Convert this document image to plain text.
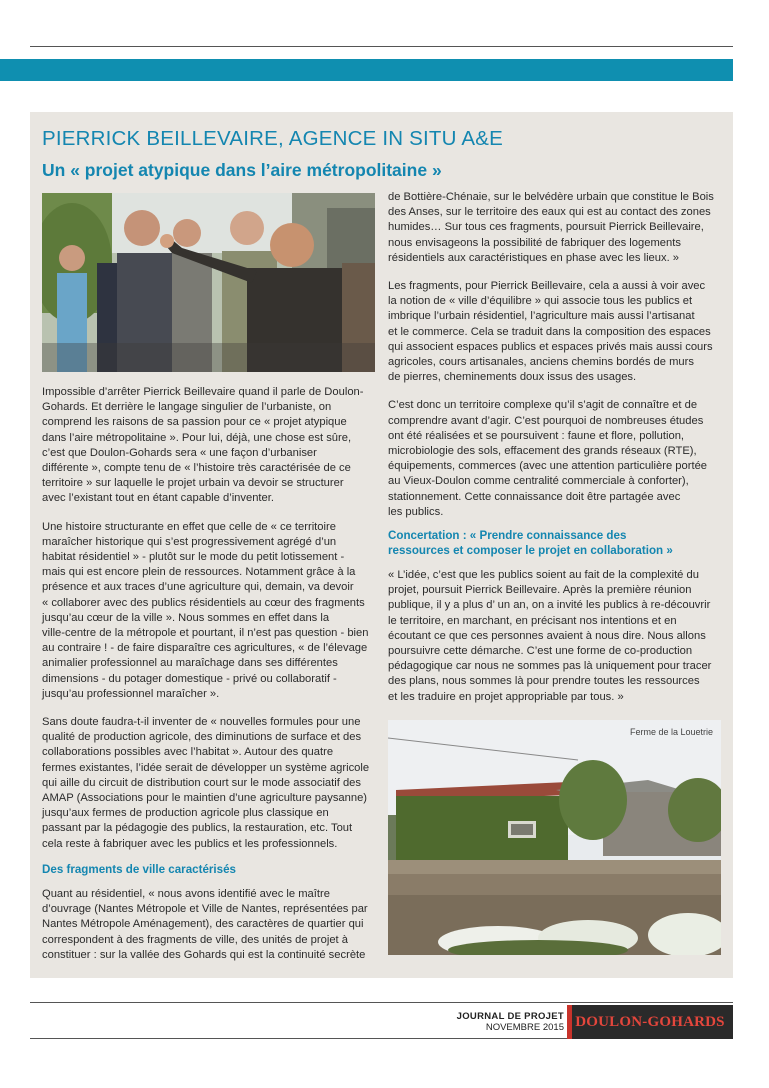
PIERRICK BEILLEVAIRE, AGENCE IN SITU A&E
Un « projet atypique dans l’aire métropolitaine »
Ferme de la Louetrie

Impossible d’arrêter Pierrick Beillevaire quand il parle de Doulon-
Gohards. Et derrière le langage singulier de l’urbaniste, on
comprend les raisons de sa passion pour ce « projet atypique
dans l’aire métropolitaine ». Pour lui, déjà, une chose est sûre,
c’est que Doulon-Gohards sera « une façon d’urbaniser
différente », compte tenu de « l’histoire très caractérisée de ce
territoire » sur laquelle le projet urbain va devoir se structurer
avec l’existant tout en étant capable d’inventer.

Une histoire structurante en effet que celle de « ce territoire
maraîcher historique qui s’est progressivement agrégé d’un
habitat résidentiel » - plutôt sur le mode du petit lotissement -
mais qui est encore plein de ressources. Notamment grâce à la
présence et aux traces d’une agriculture qui, demain, va devoir
« collaborer avec des publics résidentiels au cœur des fragments
jusqu’au cœur de la ville ». Nous sommes en effet dans la
ville-centre de la métropole et pourtant, il n’est pas question - bien
au contraire ! - de faire disparaître ces agricultures, « de l’élevage
animalier professionnel au maraîchage dans ses différentes
dimensions - du potager domestique - privé ou collaboratif -
jusqu’au professionnel maraîcher ».

Sans doute faudra-t-il inventer de « nouvelles formules pour une
qualité de production agricole, des diminutions de surface et des
collaborations possibles avec l’habitat ». Autour des quatre
fermes existantes, l’idée serait de développer un système agricole
qui aille du circuit de distribution court sur le mode associatif des
AMAP (Associations pour le maintien d’une agriculture paysanne)
jusqu’aux fermes de production agricole plus classique en
passant par la pédagogie des publics, la restauration, etc. Tout
cela reste à fabriquer avec les publics et les professionnels.

Des fragments de ville caractérisés

Quant au résidentiel, « nous avons identifié avec le maître
d’ouvrage (Nantes Métropole et Ville de Nantes, représentées par
Nantes Métropole Aménagement), des caractères de quartier qui
correspondent à des fragments de ville, des unités de projet à
constituer : sur la vallée des Gohards qui est la continuité secrète

de Bottière-Chénaie, sur le belvédère urbain que constitue le Bois
des Anses, sur le territoire des eaux qui est au contact des zones
humides… Sur tous ces fragments, poursuit Pierrick Beillevaire,
nous envisageons la possibilité de fabriquer des logements
résidentiels aux caractéristiques en phase avec les lieux. »

Les fragments, pour Pierrick Beillevaire, cela a aussi à voir avec
la notion de « ville d’équilibre » qui associe tous les publics et
imbrique l’urbain résidentiel, l’agriculture mais aussi l’artisanat
et le commerce. Cela se traduit dans la composition des espaces
qui associent espaces publics et espaces privés mais aussi cours
agricoles, cours artisanales, anciens chemins bordés de murs
de pierres, cheminements doux issus des usages.

C’est donc un territoire complexe qu’il s’agit de connaître et de
comprendre avant d’agir. C’est pourquoi de nombreuses études
ont été réalisées et se poursuivent : faune et flore, pollution,
microbiologie des sols, effacement des grands réseaux (RTE),
équipements, commerces (avec une attention particulière portée
au Vieux-Doulon comme centralité commerciale à conforter),
stationnement. Cette connaissance doit être partagée avec
les publics.

Concertation : « Prendre connaissance des
ressources et composer le projet en collaboration »

« L’idée, c’est que les publics soient au fait de la complexité du
projet, poursuit Pierrick Beillevaire. Après la première réunion
publique, il y a plus d’ un an, on a invité les publics à re-découvrir
le territoire, en marchant, en précisant nos intentions et en
écoutant ce que ces personnes avaient à nous dire. Nous allons
poursuivre cette démarche. C’est une forme de co-production
pédagogique car nous ne sommes pas là uniquement pour tracer
des plans, nous sommes là pour prendre toutes les ressources
et les traduire en projet appropriable par tous. »

JOURNAL DE PROJET
NOVEMBRE 2015 DOULON-GOHARDS
